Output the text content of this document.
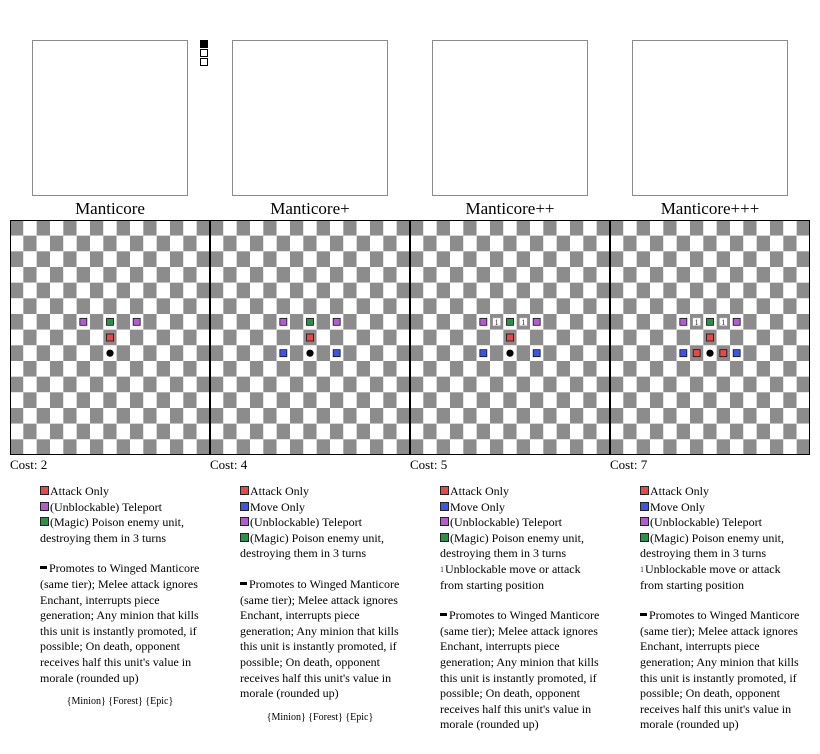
Manticore
Cost: 2
Attack Only
(Unblockable) Teleport
(Magic) Poison enemy unit, destroying them in 3 turns
Promotes to Winged Manticore (same tier); Melee attack ignores Enchant, interrupts piece generation; Any minion that kills this unit is instantly promoted, if possible; On death, opponent receives half this unit's value in morale (rounded up)
{Minion} {Forest} {Epic}
Manticore+
Cost: 4
Attack Only
Move Only
(Unblockable) Teleport
(Magic) Poison enemy unit, destroying them in 3 turns
Promotes to Winged Manticore (same tier); Melee attack ignores Enchant, interrupts piece generation; Any minion that kills this unit is instantly promoted, if possible; On death, opponent receives half this unit's value in morale (rounded up)
{Minion} {Forest} {Epic}
Manticore++
1	1
Cost: 5
Attack Only
Move Only
(Unblockable) Teleport
(Magic) Poison enemy unit, destroying them in 3 turns
1Unblockable move or attack from starting position
Promotes to Winged Manticore (same tier); Melee attack ignores Enchant, interrupts piece generation; Any minion that kills this unit is instantly promoted, if possible; On death, opponent receives half this unit's value in morale (rounded up)
Manticore+++
1	1
Cost: 7
Attack Only
Move Only
(Unblockable) Teleport
(Magic) Poison enemy unit, destroying them in 3 turns
1Unblockable move or attack from starting position
Promotes to Winged Manticore (same tier); Melee attack ignores Enchant, interrupts piece generation; Any minion that kills this unit is instantly promoted, if possible; On death, opponent receives half this unit's value in morale (rounded up)
